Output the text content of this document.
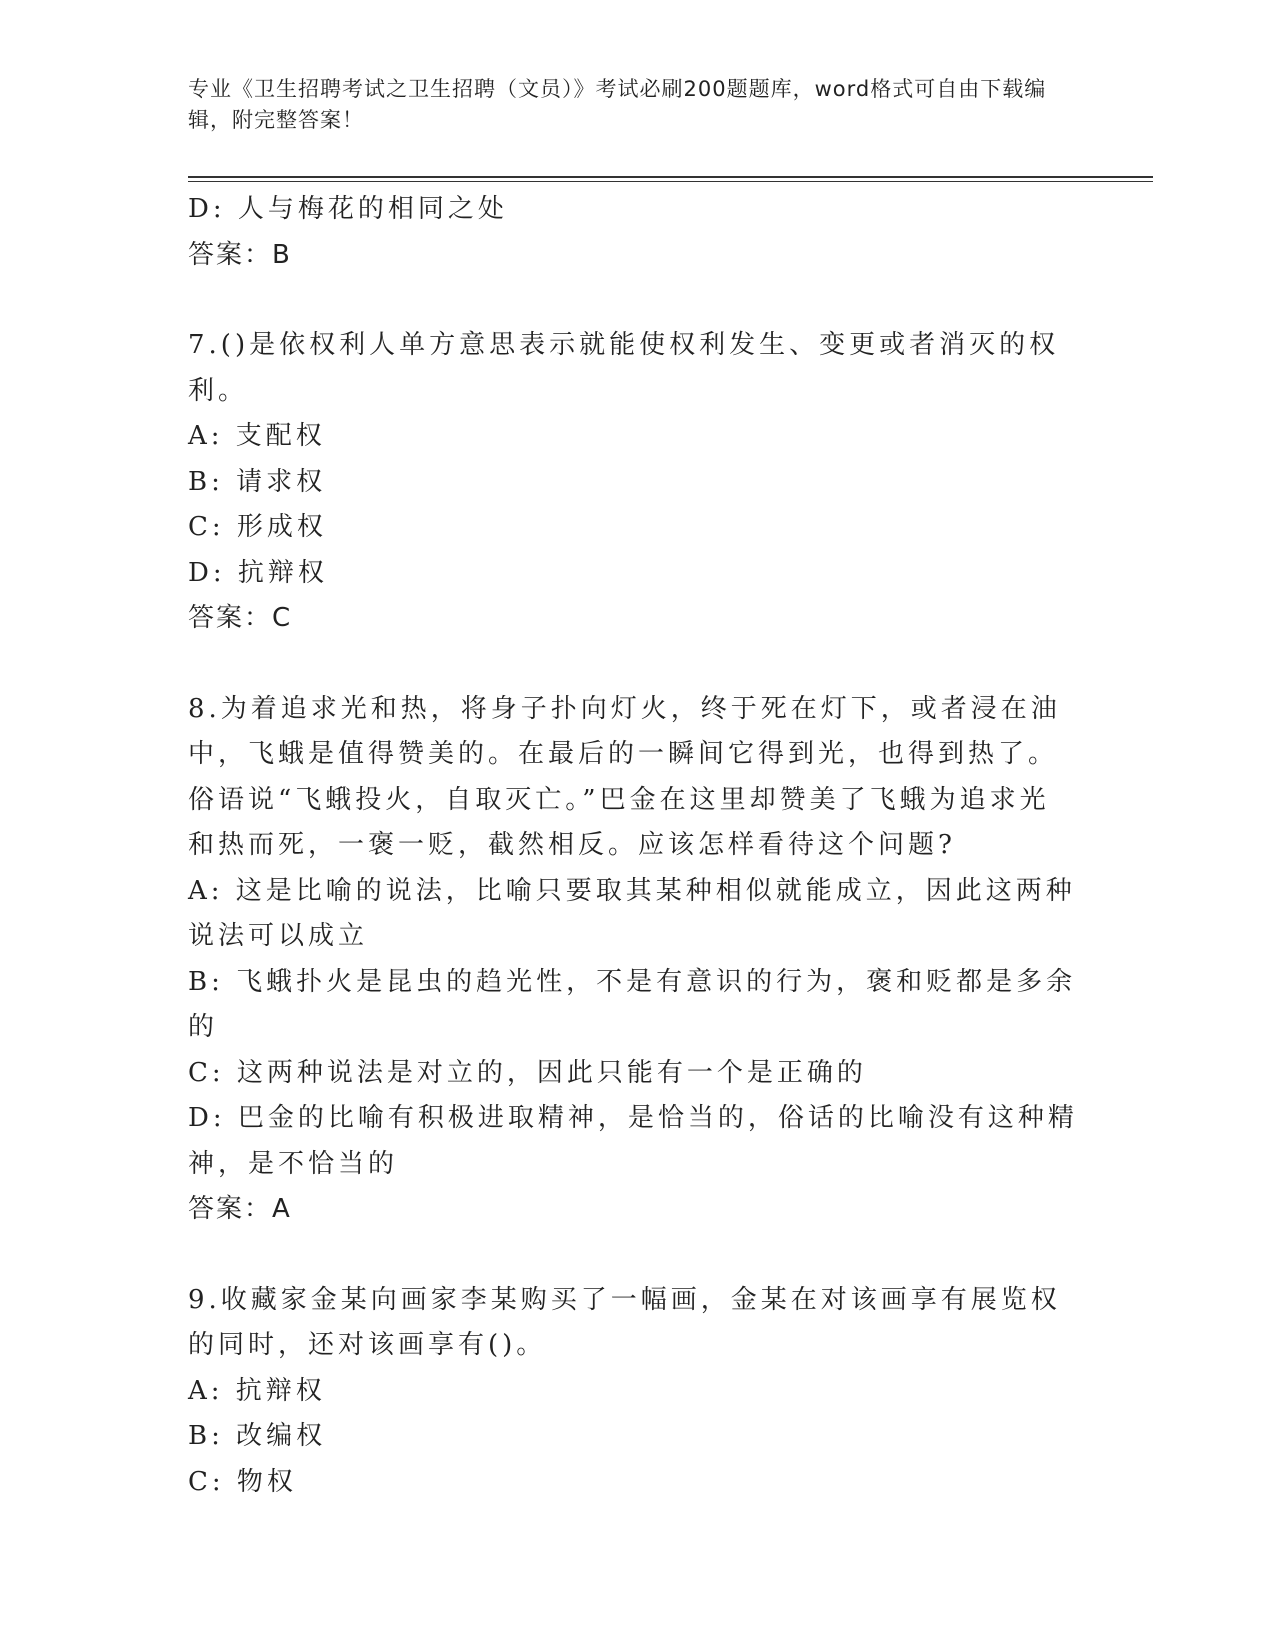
专业《卫生招聘考试之卫生招聘（文员）》考试必刷200题题库，word格式可自由下载编辑，附完整答案！
D: 人与梅花的相同之处
答案：B
7.()是依权利人单方意思表示就能使权利发生、变更或者消灭的权利。
A: 支配权
B: 请求权
C: 形成权
D: 抗辩权
答案：C
8.为着追求光和热，将身子扑向灯火，终于死在灯下，或者浸在油中，飞蛾是值得赞美的。在最后的一瞬间它得到光，也得到热了。俗语说“飞蛾投火，自取灭亡。”巴金在这里却赞美了飞蛾为追求光和热而死，一褒一贬，截然相反。应该怎样看待这个问题?
A: 这是比喻的说法，比喻只要取其某种相似就能成立，因此这两种说法可以成立
B: 飞蛾扑火是昆虫的趋光性，不是有意识的行为，褒和贬都是多余的
C: 这两种说法是对立的，因此只能有一个是正确的
D: 巴金的比喻有积极进取精神，是恰当的，俗话的比喻没有这种精神，是不恰当的
答案：A
9.收藏家金某向画家李某购买了一幅画，金某在对该画享有展览权的同时，还对该画享有()。
A: 抗辩权
B: 改编权
C: 物权
